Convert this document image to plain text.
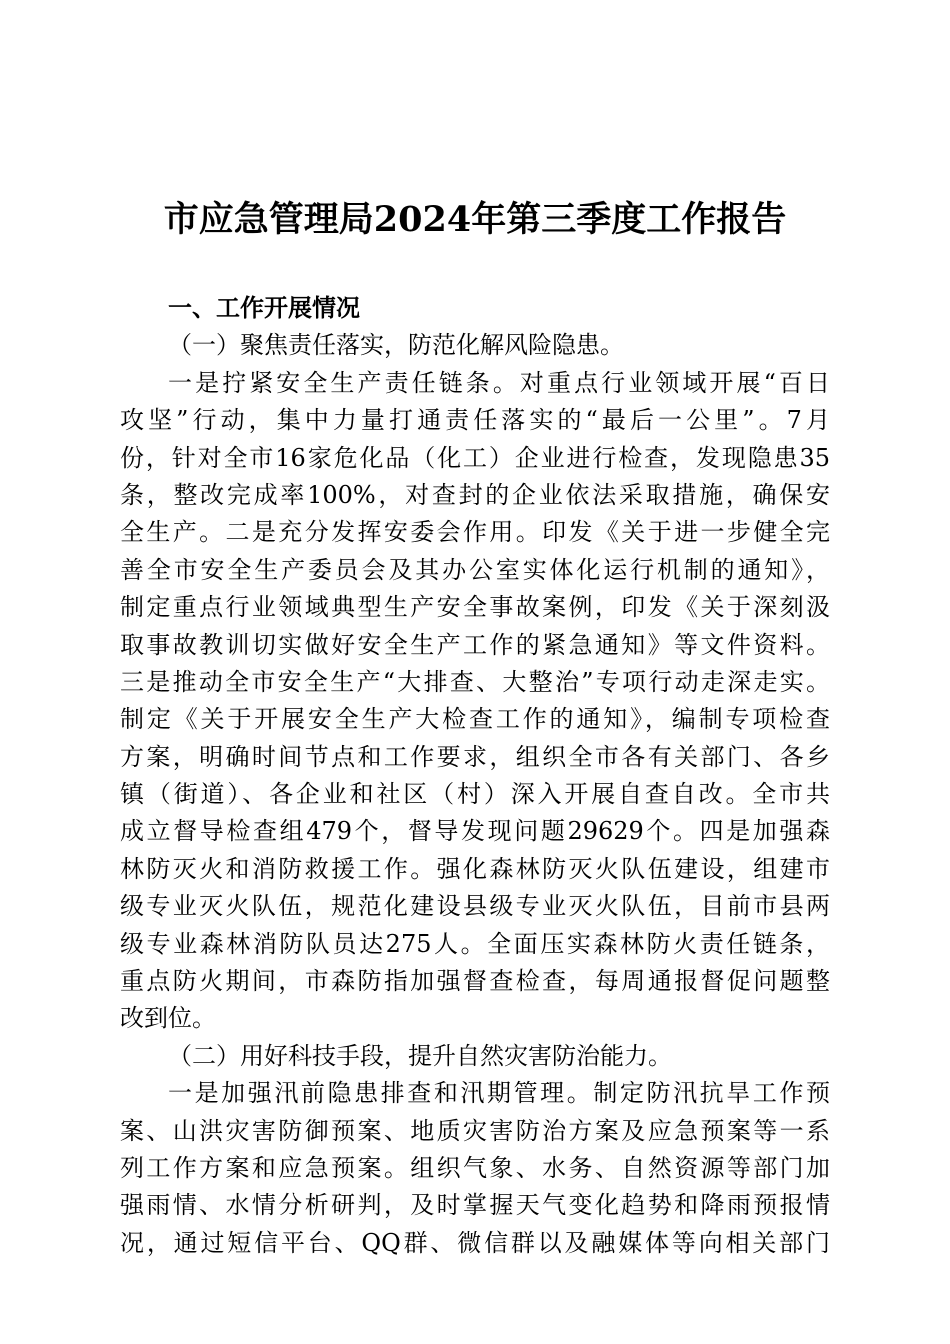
市应急管理局2024年第三季度工作报告
一、工作开展情况
（一）聚焦责任落实，防范化解风险隐患。
一是拧紧安全生产责任链条。对重点行业领域开展“百日
攻坚”行动，集中力量打通责任落实的“最后一公里”。7月
份，针对全市16家危化品（化工）企业进行检查，发现隐患35
条，整改完成率100%，对查封的企业依法采取措施，确保安
全生产。二是充分发挥安委会作用。印发《关于进一步健全完
善全市安全生产委员会及其办公室实体化运行机制的通知》，
制定重点行业领域典型生产安全事故案例，印发《关于深刻汲
取事故教训切实做好安全生产工作的紧急通知》等文件资料。
三是推动全市安全生产“大排查、大整治”专项行动走深走实。
制定《关于开展安全生产大检查工作的通知》，编制专项检查
方案，明确时间节点和工作要求，组织全市各有关部门、各乡
镇（街道）、各企业和社区（村）深入开展自查自改。全市共
成立督导检查组479个，督导发现问题29629个。四是加强森
林防灭火和消防救援工作。强化森林防灭火队伍建设，组建市
级专业灭火队伍，规范化建设县级专业灭火队伍，目前市县两
级专业森林消防队员达275人。全面压实森林防火责任链条，
重点防火期间，市森防指加强督查检查，每周通报督促问题整
改到位。
（二）用好科技手段，提升自然灾害防治能力。
一是加强汛前隐患排查和汛期管理。制定防汛抗旱工作预
案、山洪灾害防御预案、地质灾害防治方案及应急预案等一系
列工作方案和应急预案。组织气象、水务、自然资源等部门加
强雨情、水情分析研判，及时掌握天气变化趋势和降雨预报情
况，通过短信平台、QQ群、微信群以及融媒体等向相关部门
